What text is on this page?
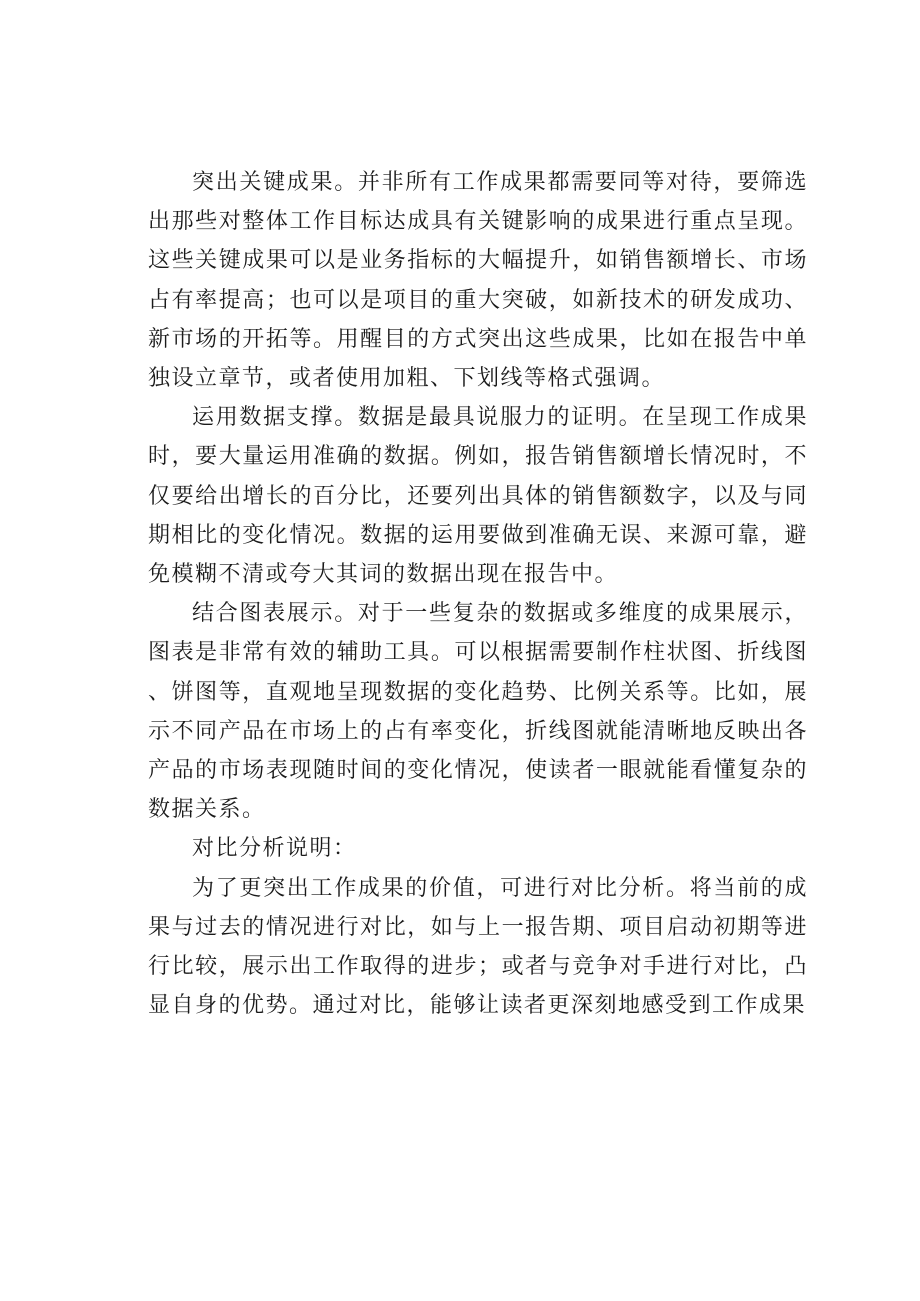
突出关键成果。并非所有工作成果都需要同等对待，要筛选出那些对整体工作目标达成具有关键影响的成果进行重点呈现。这些关键成果可以是业务指标的大幅提升，如销售额增长、市场占有率提高；也可以是项目的重大突破，如新技术的研发成功、新市场的开拓等。用醒目的方式突出这些成果，比如在报告中单独设立章节，或者使用加粗、下划线等格式强调。

运用数据支撑。数据是最具说服力的证明。在呈现工作成果时，要大量运用准确的数据。例如，报告销售额增长情况时，不仅要给出增长的百分比，还要列出具体的销售额数字，以及与同期相比的变化情况。数据的运用要做到准确无误、来源可靠，避免模糊不清或夸大其词的数据出现在报告中。

结合图表展示。对于一些复杂的数据或多维度的成果展示，图表是非常有效的辅助工具。可以根据需要制作柱状图、折线图、饼图等，直观地呈现数据的变化趋势、比例关系等。比如，展示不同产品在市场上的占有率变化，折线图就能清晰地反映出各产品的市场表现随时间的变化情况，使读者一眼就能看懂复杂的数据关系。

对比分析说明：

为了更突出工作成果的价值，可进行对比分析。将当前的成果与过去的情况进行对比，如与上一报告期、项目启动初期等进行比较，展示出工作取得的进步；或者与竞争对手进行对比，凸显自身的优势。通过对比，能够让读者更深刻地感受到工作成果
